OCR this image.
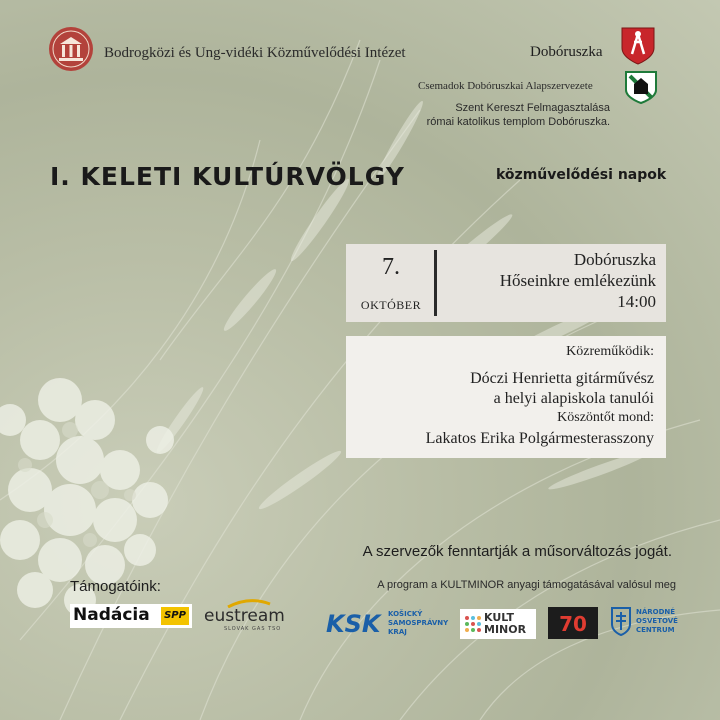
Bodrogközi és Ung-vidéki Közművelődési Intézet	Dobóruszka
Csemadok Dobóruszkai Alapszervezete
Szent Kereszt Felmagasztalása
római katolikus templom Dobóruszka.
I. KELETI KULTÚRVÖLGY	közművelődési napok
7.
OKTÓBER
Dobóruszka
Hőseinkre emlékezünk
14:00
Közreműködik:
Dóczi Henrietta gitárművész
a helyi alapiskola tanulói
Köszöntőt mond:
Lakatos Erika Polgármesterasszony
A szervezők fenntartják a műsorváltozás jogát.
Támogatóink:	A program a KULTMINOR anyagi támogatásával valósul meg
Nadácia	SPP eustream
SLOVAK GAS TSO KSK KOŠICKÝ SAMOSPRÁVNY KRAJ
KULT
MINOR 70	NÁRODNÉ OSVETOVÉ CENTRUM
